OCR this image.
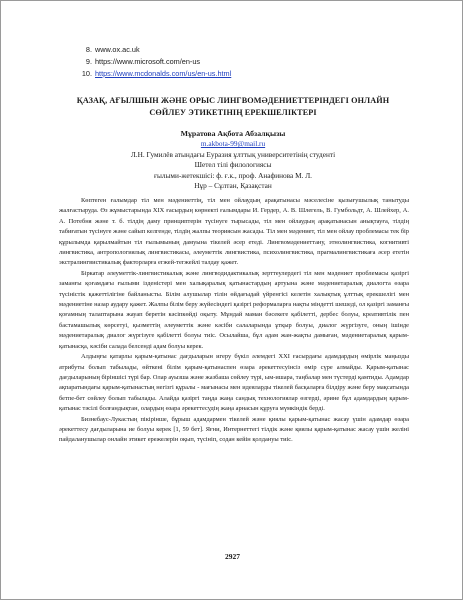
8. www.ox.ac.uk
9. https://www.microsoft.com/en-us
10. https://www.mcdonalds.com/us/en-us.html
ҚАЗАҚ, АҒЫЛШЫН ЖӘНЕ ОРЫС ЛИНГВОМӘДЕНИЕТТЕРІНДЕГІ ОНЛАЙН
СӨЙЛЕУ ЭТИКЕТІНІҢ ЕРЕКШЕЛІКТЕРІ
Мұратова Ақбота Абзалқызы
m.akbota-99@mail.ru
Л.Н. Гумилёв атындағы Еуразия ұлттық университетінің студенті
Шетел тілі филологиясы
ғылыми-жетекшісі: ф. ғ.к., проф. Анафинова М. Л.
Нұр – Сұлтан, Қазақстан

Көптеген ғалымдар тіл мен мәдениеттің, тіл мен ойлаудың арақатынасы мәселесіне қызығушылық танытуды жалғастыруда. Өз жұмыстарында XIX ғасырдың көрнекті ғалымдары И. Гердер, А. В. Шлегель, В. Гумбольдт, А. Шлейхер, А. А. Потебня және т. б. тілдің даму принциптерін түсінуге тырысады, тіл мен ойлаудың арақатынасын анықтауға, тілдің табиғатын түсінуге және сайып келгенде, тілдің жалпы теориясын жасады. Тіл мен мәдениет, тіл мен ойлау проблемасы тек бір құрылымда қарылмайтын тіл ғылымының дамуына тікелей әсер етеді. Лингвомәдениеттану, этнолингвистика, когнитивті лингвистика, антропологиялық лингвистикасы, әлеуметтік лингвистика, психолингвистика, прагмалингвистикаға әсер ететін экстралингвистикалық факторларға егжей-тегжейлі талдау қажет.

Біркатар әлеуметтік-лингвистикалық және лингводидактикалық зерттеулердегі тіл мен мәдениет проблемасы қазіргі заманғы қоғамдағы ғылыми ізденістері мен халықаралық қатынастардың артуына және мәдениетаралық диалогта өзара түсіністік қажеттілігіне байланысты. Білім алушылар тілін өйдағыдай үйренгісі келетін халықтық ұлттық ерекшелігі мен мәдениетіне назар аудару қажет. Жалпы білім беру жүйесіндегі қазіргі реформаларға нақты міндетті шешеді, ол қазіргі заманғы қоғамның талаптарына жауап беретін кәсіпкөйді оқыту. Мұндай маман бәсекеге қабілетті, дербес болуы, креативтілік пен бастамашылық көрсетуі, қызметтің әлеуметтік және кәсіби салаларында ұтқыр болуы, диалог жүргізуге, оның ішінде мәдениетаралық диалог жүргізуге қабілетті болуы тиіс. Осылайша, бұл адам жан-жақты дамыған, мәдениетаралық қарым-қатынасқа, кәсіби салада белсенді адам болуы керек.

Алдыңғы қатарлы қарым-қатынас дағдыларын игеру бүкіл әлемдегі XXI ғасырдағы адамдардың өмірлік маңызды атрибуты болып табылады, өйткені білім қарым-қатынаспен өзара әрекеттесуінсіз өмір сүре алмайды. Қарым-қатынас дағдыларының біріншісі түрі бар. Олар ауызша және жазбаша сөйлеу түрі, ым-ишара, таңбалар мен түстерді қамтиды. Адамдар ақпаратындағы қарым-қатынастың негізгі құралы - мағынасы мен идеяларды тікелей басқаларға білдіру және беру мақсатында бетпе-бет сөйлеу болып табылады. Алайда қазіргі таңда жаңа сандық технологиялар өзгерді, әрине бұл адамдардың қарым-қатынас тәсілі болғандықтан, олардың өзара әрекеттесудің жаңа арнасын құруға мүмкіндік берді.

Бизнебаус-Лукастың пікірінше, бұрыш адамдармен тікелей және қиялы қарым-қатынас жасау үшін адамдар өзара әрекеттесу дағдыларына ие болуы керек [1, 59 бет]. Яғни, Интернеттегі тілдік және қиялы қарым-қатынас жасау үшін желіні пайдаланушылар онлайн этикет ережелерін оқып, түсініп, содан кейін қолдануы тиіс.

2927
